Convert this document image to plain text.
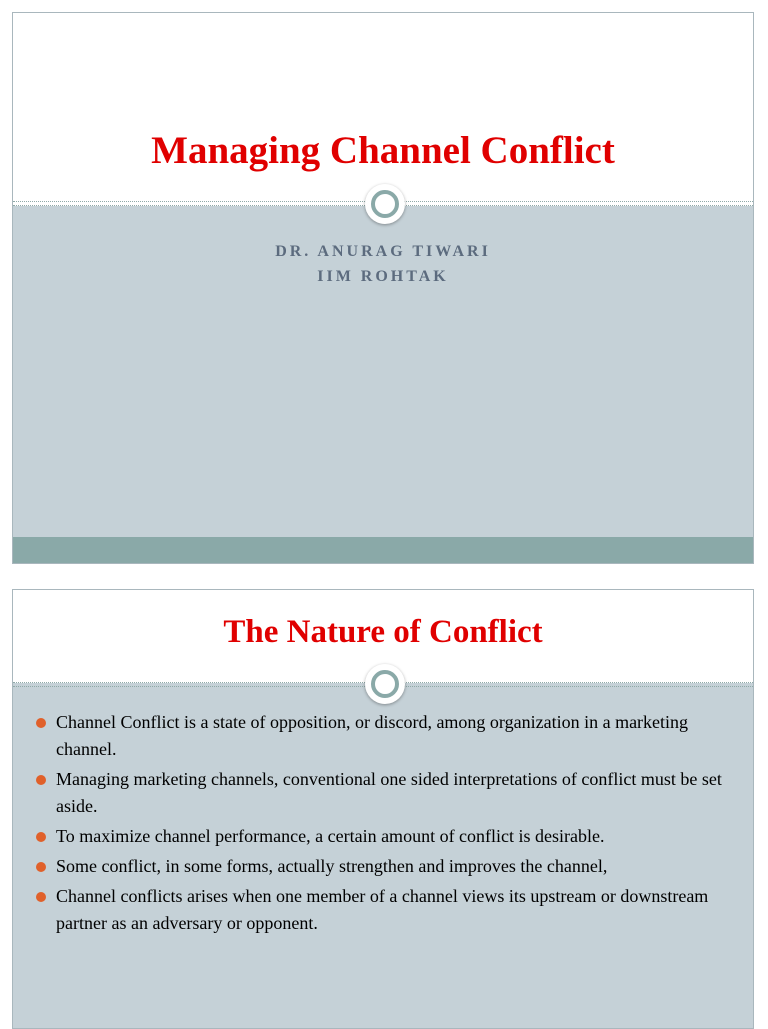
Managing Channel Conflict
DR. ANURAG TIWARI
IIM ROHTAK
The Nature of Conflict
Channel Conflict is a state of opposition, or discord, among organization in a marketing channel.
Managing marketing channels, conventional one sided interpretations of conflict must be set aside.
To maximize channel performance, a certain amount of conflict is desirable.
Some conflict, in some forms, actually strengthen and improves the channel,
Channel conflicts arises when one member of a channel views its upstream or downstream partner as an adversary or opponent.
